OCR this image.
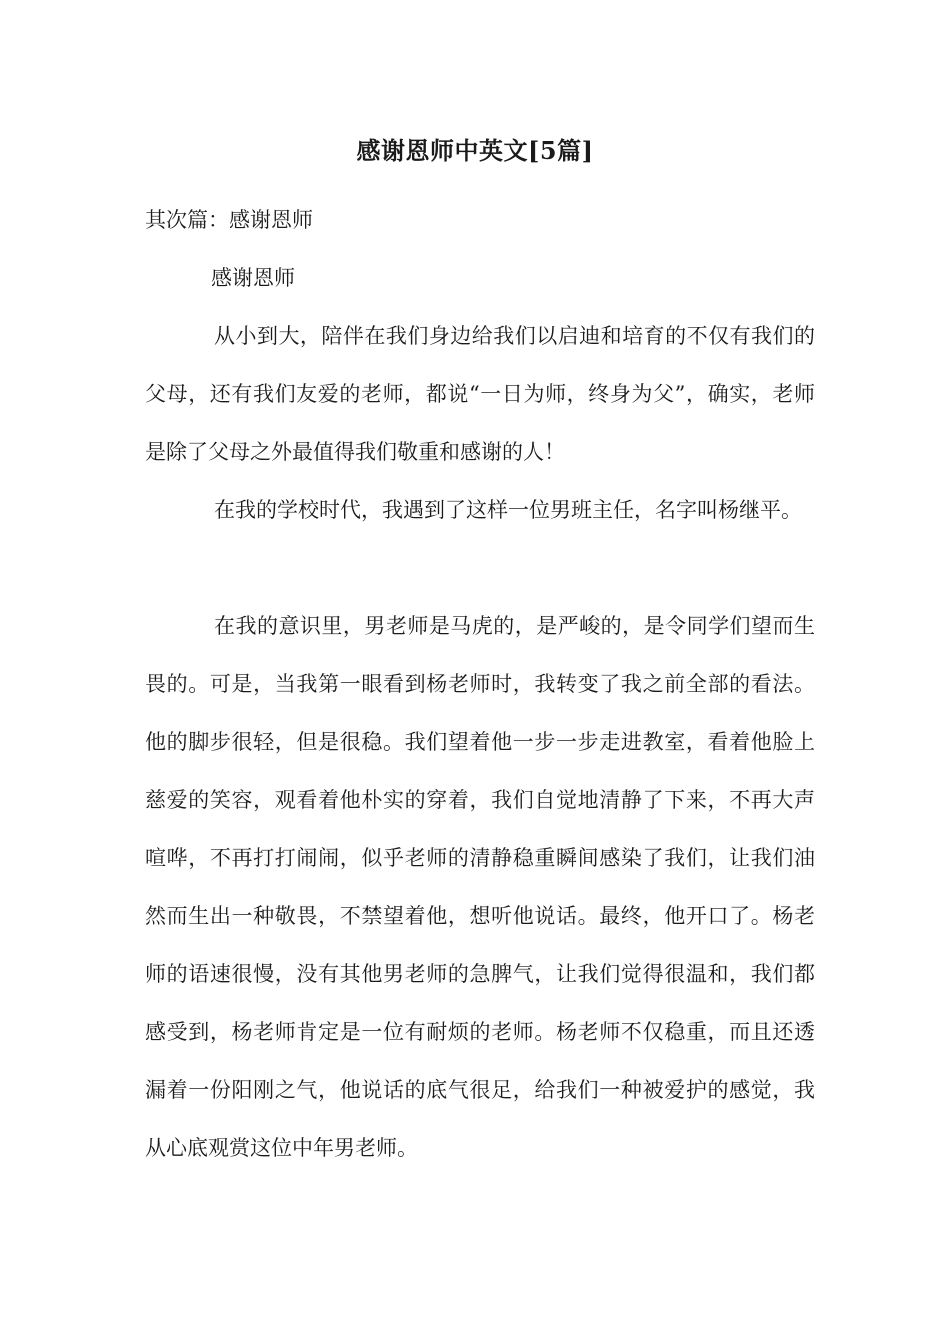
感谢恩师中英文[5篇]
其次篇：感谢恩师
感谢恩师

从小到大，陪伴在我们身边给我们以启迪和培育的不仅有我们的父母，还有我们友爱的老师，都说“一日为师，终身为父”，确实，老师是除了父母之外最值得我们敬重和感谢的人！

在我的学校时代，我遇到了这样一位男班主任，名字叫杨继平。

在我的意识里，男老师是马虎的，是严峻的，是令同学们望而生畏的。可是，当我第一眼看到杨老师时，我转变了我之前全部的看法。他的脚步很轻，但是很稳。我们望着他一步一步走进教室，看着他脸上慈爱的笑容，观看着他朴实的穿着，我们自觉地清静了下来，不再大声喧哗，不再打打闹闹，似乎老师的清静稳重瞬间感染了我们，让我们油然而生出一种敬畏，不禁望着他，想听他说话。最终，他开口了。杨老师的语速很慢，没有其他男老师的急脾气，让我们觉得很温和，我们都感受到，杨老师肯定是一位有耐烦的老师。杨老师不仅稳重，而且还透漏着一份阳刚之气，他说话的底气很足，给我们一种被爱护的感觉，我从心底观赏这位中年男老师。
